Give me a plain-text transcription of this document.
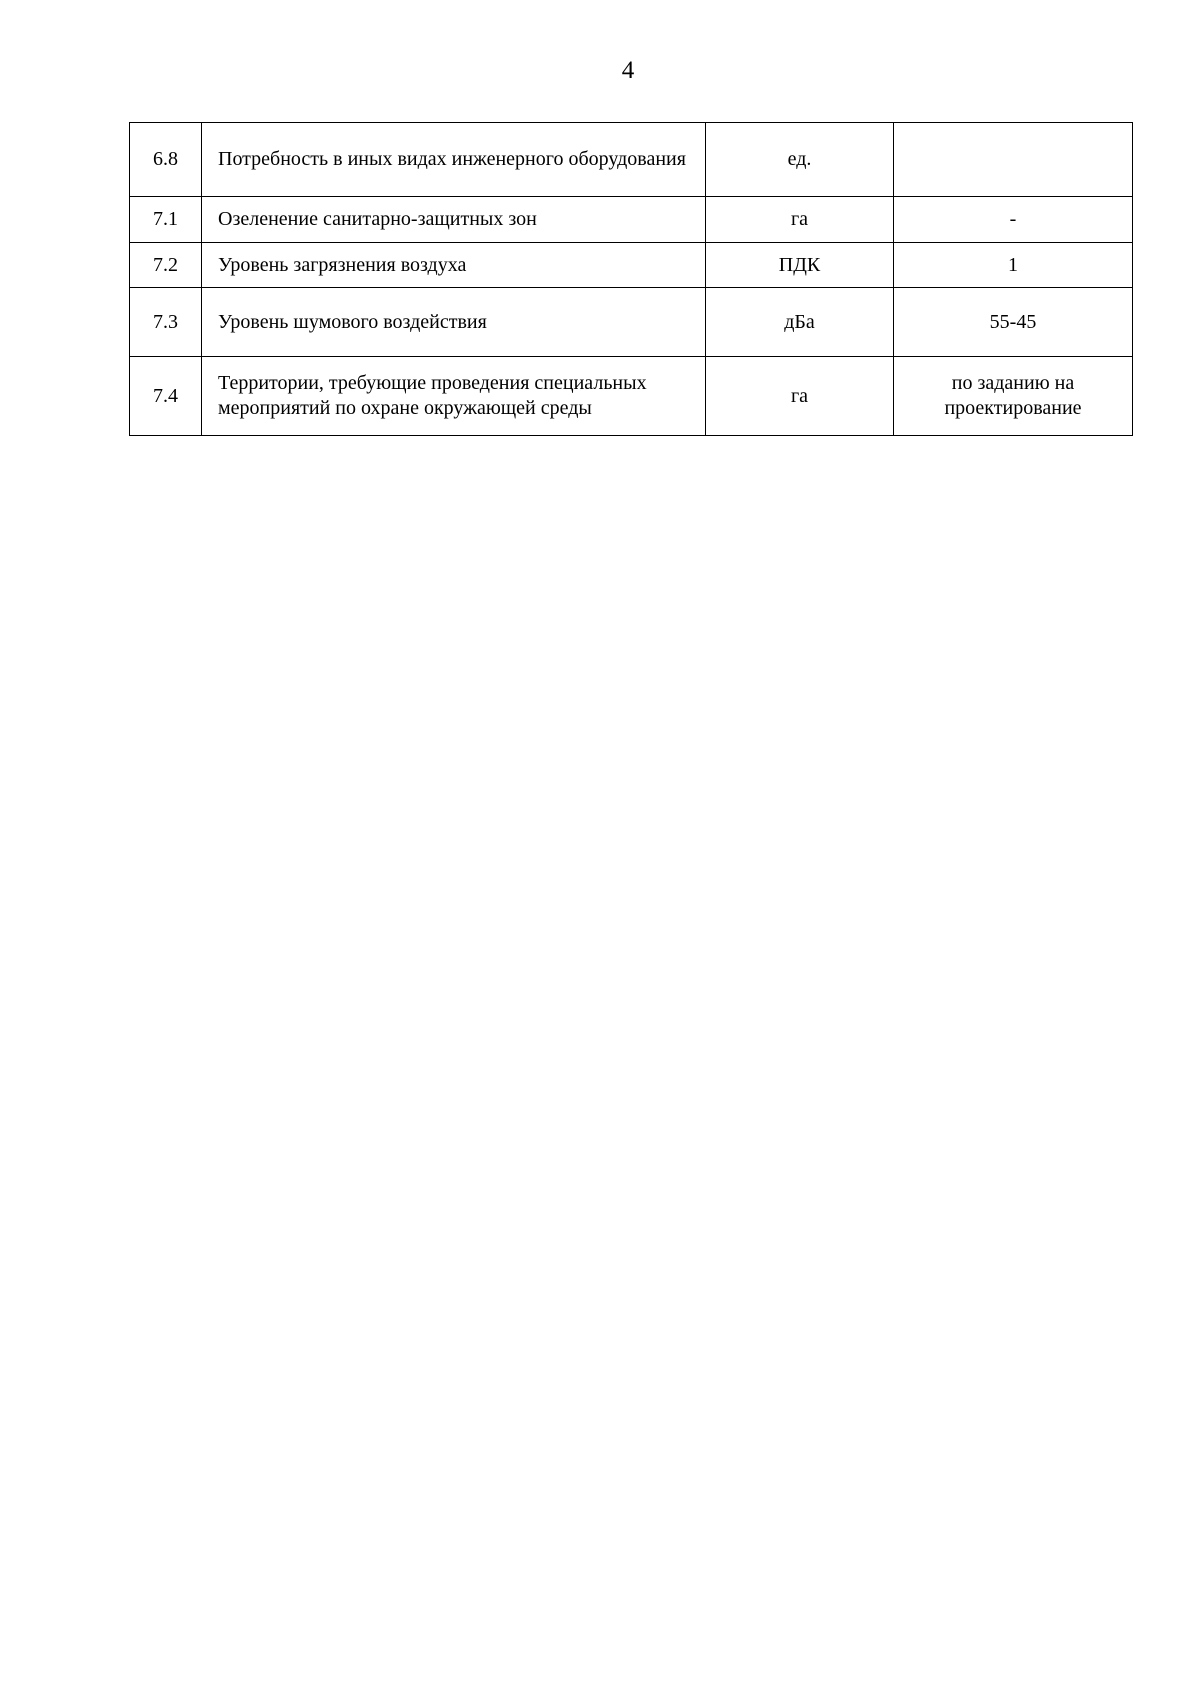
4
6.8	Потребность в иных видах инженерного оборудования	ед.	
7.1	Озеленение санитарно-защитных зон	га	-
7.2	Уровень загрязнения воздуха	ПДК	1
7.3	Уровень шумового воздействия	дБа	55-45
7.4	Территории, требующие проведения специальных мероприятий по охране окружающей среды	га	по заданию на проектирование
